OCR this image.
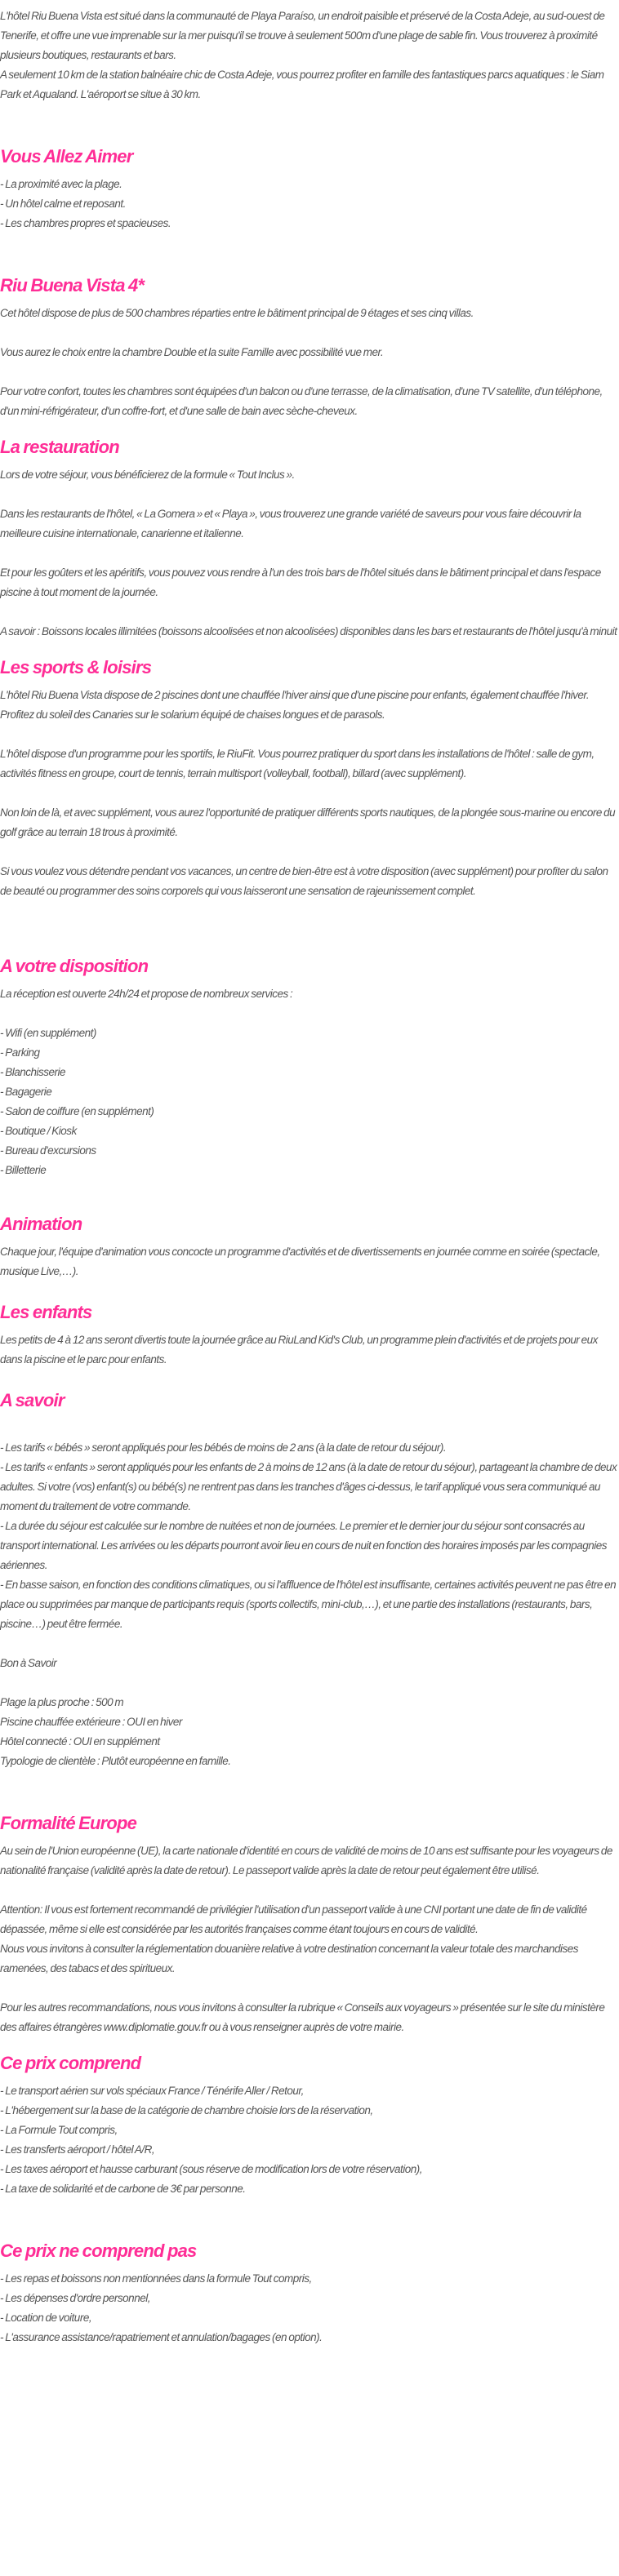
L'hôtel Riu Buena Vista est situé dans la communauté de Playa Paraíso, un endroit paisible et préservé de la Costa Adeje, au sud-ouest de Tenerife, et offre une vue imprenable sur la mer puisqu'il se trouve à seulement 500m d'une plage de sable fin. Vous trouverez à proximité plusieurs boutiques, restaurants et bars.

A seulement 10 km de la station balnéaire chic de Costa Adeje, vous pourrez profiter en famille des fantastiques parcs aquatiques : le Siam Park et Aqualand. L'aéroport se situe à 30 km.

Vous Allez Aimer

- La proximité avec la plage.

- Un hôtel calme et reposant.

- Les chambres propres et spacieuses.

Riu Buena Vista 4*

Cet hôtel dispose de plus de 500 chambres réparties entre le bâtiment principal de 9 étages et ses cinq villas.

Vous aurez le choix entre la chambre Double et la suite Famille avec possibilité vue mer.

Pour votre confort, toutes les chambres sont équipées d'un balcon ou d'une terrasse, de la climatisation, d'une TV satellite, d'un téléphone, d'un mini-réfrigérateur, d'un coffre-fort, et d'une salle de bain avec sèche-cheveux.

La restauration

Lors de votre séjour, vous bénéficierez de la formule « Tout Inclus ».

Dans les restaurants de l'hôtel, « La Gomera » et « Playa », vous trouverez une grande variété de saveurs pour vous faire découvrir la meilleure cuisine internationale, canarienne et italienne.

Et pour les goûters et les apéritifs, vous pouvez vous rendre à l'un des trois bars de l'hôtel situés dans le bâtiment principal et dans l'espace piscine à tout moment de la journée.

A savoir : Boissons locales illimitées (boissons alcoolisées et non alcoolisées) disponibles dans les bars et restaurants de l'hôtel jusqu'à minuit

Les sports & loisirs

L'hôtel Riu Buena Vista dispose de 2 piscines dont une chauffée l'hiver ainsi que d'une piscine pour enfants, également chauffée l'hiver. Profitez du soleil des Canaries sur le solarium équipé de chaises longues et de parasols.

L'hôtel dispose d'un programme pour les sportifs, le RiuFit. Vous pourrez pratiquer du sport dans les installations de l'hôtel : salle de gym, activités fitness en groupe, court de tennis, terrain multisport (volleyball, football), billard (avec supplément).

Non loin de là, et avec supplément, vous aurez l'opportunité de pratiquer différents sports nautiques, de la plongée sous-marine ou encore du golf grâce au terrain 18 trous à proximité.

Si vous voulez vous détendre pendant vos vacances, un centre de bien-être est à votre disposition (avec supplément) pour profiter du salon de beauté ou programmer des soins corporels qui vous laisseront une sensation de rajeunissement complet.

A votre disposition

La réception est ouverte 24h/24 et propose de nombreux services :

- Wifi (en supplément)

- Parking

- Blanchisserie

- Bagagerie

- Salon de coiffure (en supplément)

- Boutique / Kiosk

- Bureau d'excursions

- Billetterie

Animation

Chaque jour, l'équipe d'animation vous concocte un programme d'activités et de divertissements en journée comme en soirée (spectacle, musique Live,…).

Les enfants

Les petits de 4 à 12 ans seront divertis toute la journée grâce au RiuLand Kid's Club, un programme plein d'activités et de projets pour eux dans la piscine et le parc pour enfants.

A savoir

- Les tarifs « bébés » seront appliqués pour les bébés de moins de 2 ans (à la date de retour du séjour).

- Les tarifs « enfants » seront appliqués pour les enfants de 2 à moins de 12 ans (à la date de retour du séjour), partageant la chambre de deux adultes. Si votre (vos) enfant(s) ou bébé(s) ne rentrent pas dans les tranches d'âges ci-dessus, le tarif appliqué vous sera communiqué au moment du traitement de votre commande.

- La durée du séjour est calculée sur le nombre de nuitées et non de journées. Le premier et le dernier jour du séjour sont consacrés au transport international. Les arrivées ou les départs pourront avoir lieu en cours de nuit en fonction des horaires imposés par les compagnies aériennes.

- En basse saison, en fonction des conditions climatiques, ou si l'affluence de l'hôtel est insuffisante, certaines activités peuvent ne pas être en place ou supprimées par manque de participants requis (sports collectifs, mini-club,…), et une partie des installations (restaurants, bars, piscine…) peut être fermée.

Bon à Savoir

Plage la plus proche : 500 m

Piscine chauffée extérieure : OUI en hiver

Hôtel connecté : OUI en supplément

Typologie de clientèle : Plutôt européenne en famille.

Formalité Europe

Au sein de l'Union européenne (UE), la carte nationale d'identité en cours de validité de moins de 10 ans est suffisante pour les voyageurs de nationalité française (validité après la date de retour). Le passeport valide après la date de retour peut également être utilisé.

Attention: Il vous est fortement recommandé de privilégier l'utilisation d'un passeport valide à une CNI portant une date de fin de validité dépassée, même si elle est considérée par les autorités françaises comme étant toujours en cours de validité.

Nous vous invitons à consulter la réglementation douanière relative à votre destination concernant la valeur totale des marchandises ramenées, des tabacs et des spiritueux.

Pour les autres recommandations, nous vous invitons à consulter la rubrique « Conseils aux voyageurs » présentée sur le site du ministère des affaires étrangères www.diplomatie.gouv.fr ou à vous renseigner auprès de votre mairie.

Ce prix comprend

- Le transport aérien sur vols spéciaux France / Ténérife Aller / Retour,

- L'hébergement sur la base de la catégorie de chambre choisie lors de la réservation,

- La Formule Tout compris,

- Les transferts aéroport / hôtel A/R,

- Les taxes aéroport et hausse carburant (sous réserve de modification lors de votre réservation),

- La taxe de solidarité et de carbone de 3€ par personne.

Ce prix ne comprend pas

- Les repas et boissons non mentionnées dans la formule Tout compris,

- Les dépenses d'ordre personnel,

- Location de voiture,

- L'assurance assistance/rapatriement et annulation/bagages (en option).
